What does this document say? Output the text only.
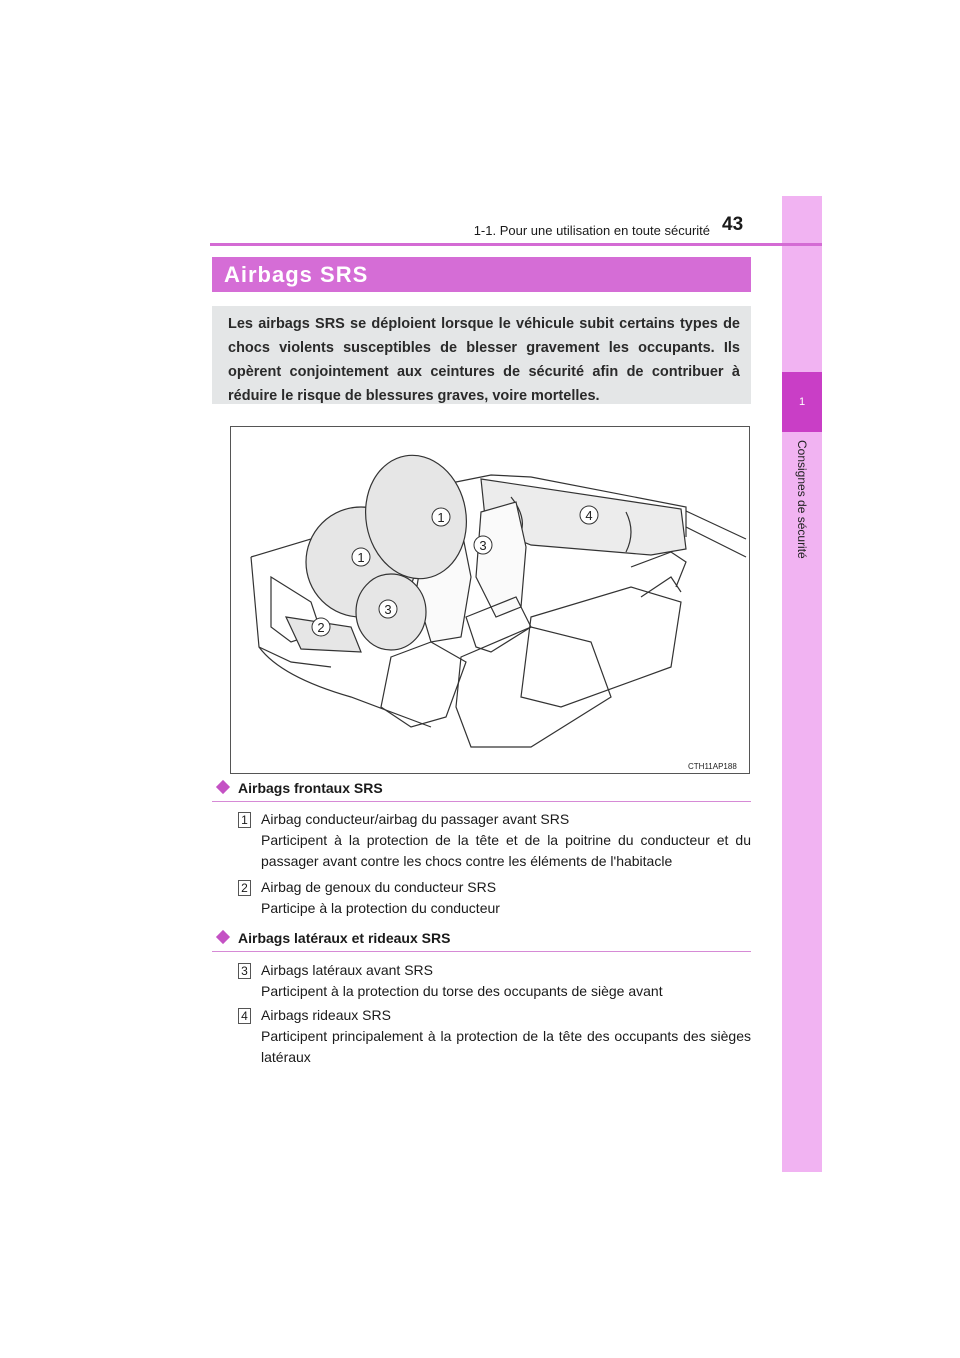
1
Consignes de sécurité
1-1. Pour une utilisation en toute sécurité 43
Airbags SRS
Les airbags SRS se déploient lorsque le véhicule subit certains types de chocs violents susceptibles de blesser gravement les occupants. Ils opèrent conjointement aux ceintures de sécurité afin de contribuer à réduire le risque de blessures graves, voire mortelles.
1
1
3
4
3
2
CTH11AP188
Airbags frontaux SRS
1 Airbag conducteur/airbag du passager avant SRS
Participent à la protection de la tête et de la poitrine du conducteur et du passager avant contre les chocs contre les éléments de l'habitacle
2 Airbag de genoux du conducteur SRS
Participe à la protection du conducteur
Airbags latéraux et rideaux SRS
3 Airbags latéraux avant SRS
Participent à la protection du torse des occupants de siège avant
4 Airbags rideaux SRS
Participent principalement à la protection de la tête des occupants des sièges latéraux
